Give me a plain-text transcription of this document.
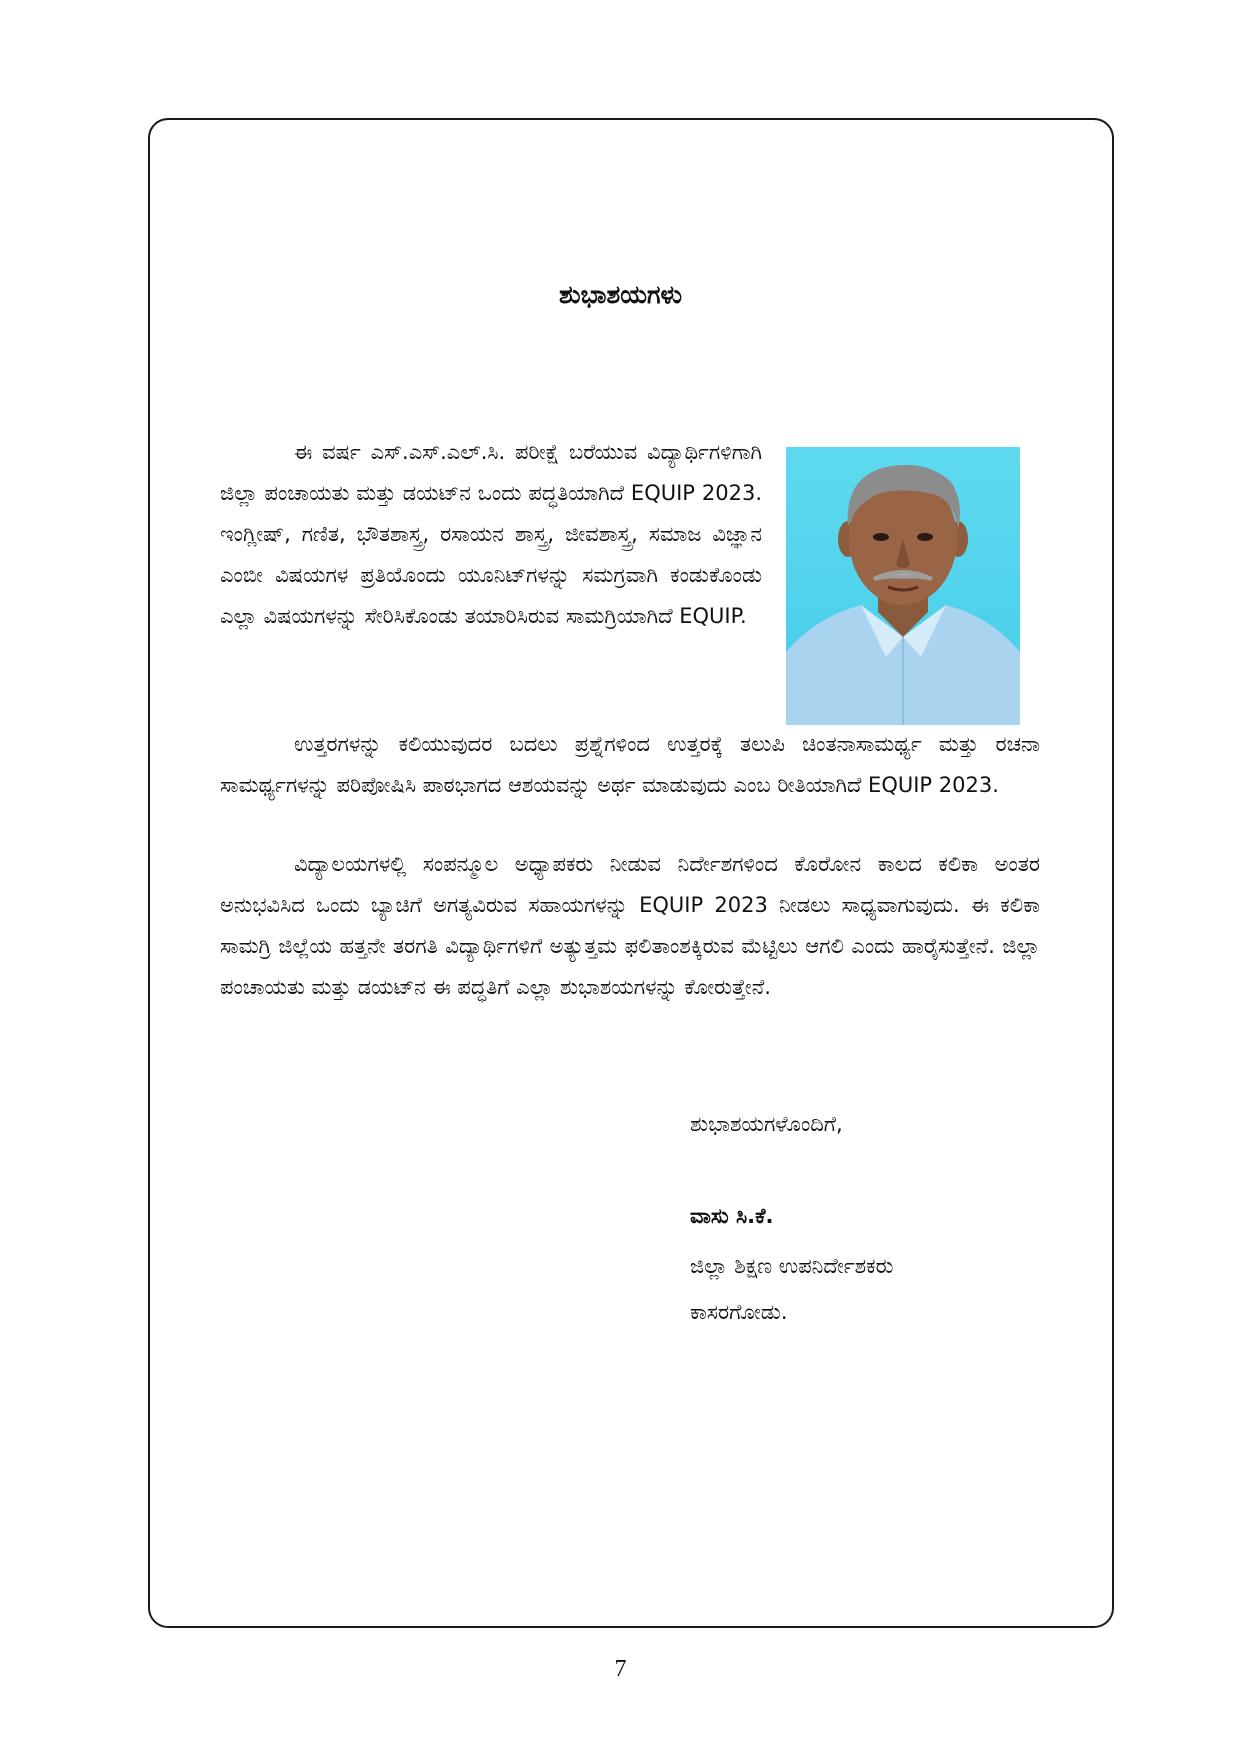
ಶುಭಾಶಯಗಳು
ಈ ವರ್ಷ ಎಸ್.ಎಸ್.ಎಲ್.ಸಿ. ಪರೀಕ್ಷೆ ಬರೆಯುವ ವಿದ್ಯಾರ್ಥಿಗಳಿಗಾಗಿ ಜಿಲ್ಲಾ ಪಂಚಾಯತು ಮತ್ತು ಡಯಟ್‌ನ ಒಂದು ಪದ್ಧತಿಯಾಗಿದೆ EQUIP 2023. ಇಂಗ್ಲೀಷ್, ಗಣಿತ, ಭೌತಶಾಸ್ತ್ರ, ರಸಾಯನ ಶಾಸ್ತ್ರ, ಜೀವಶಾಸ್ತ್ರ, ಸಮಾಜ ವಿಜ್ಞಾನ ಎಂಬೀ ವಿಷಯಗಳ ಪ್ರತಿಯೊಂದು ಯೂನಿಟ್‌ಗಳನ್ನು ಸಮಗ್ರವಾಗಿ ಕಂಡುಕೊಂಡು ಎಲ್ಲಾ ವಿಷಯಗಳನ್ನು ಸೇರಿಸಿಕೊಂಡು ತಯಾರಿಸಿರುವ ಸಾಮಗ್ರಿಯಾಗಿದೆ EQUIP.
ಉತ್ತರಗಳನ್ನು ಕಲಿಯುವುದರ ಬದಲು ಪ್ರಶ್ನೆಗಳಿಂದ ಉತ್ತರಕ್ಕೆ ತಲುಪಿ ಚಿಂತನಾಸಾಮರ್ಥ್ಯ ಮತ್ತು ರಚನಾ ಸಾಮರ್ಥ್ಯಗಳನ್ನು ಪರಿಪೋಷಿಸಿ ಪಾಠಭಾಗದ ಆಶಯವನ್ನು ಅರ್ಥ ಮಾಡುವುದು ಎಂಬ ರೀತಿಯಾಗಿದೆ EQUIP 2023.
ವಿದ್ಯಾಲಯಗಳಲ್ಲಿ ಸಂಪನ್ಮೂಲ ಅಧ್ಯಾಪಕರು ನೀಡುವ ನಿರ್ದೇಶಗಳಿಂದ ಕೊರೋನ ಕಾಲದ ಕಲಿಕಾ ಅಂತರ ಅನುಭವಿಸಿದ ಒಂದು ಬ್ಯಾಚಿಗೆ ಅಗತ್ಯವಿರುವ ಸಹಾಯಗಳನ್ನು EQUIP 2023 ನೀಡಲು ಸಾಧ್ಯವಾಗುವುದು. ಈ ಕಲಿಕಾ ಸಾಮಗ್ರಿ ಜಿಲ್ಲೆಯ ಹತ್ತನೇ ತರಗತಿ ವಿದ್ಯಾರ್ಥಿಗಳಿಗೆ ಅತ್ಯುತ್ತಮ ಫಲಿತಾಂಶಕ್ಕಿರುವ ಮೆಟ್ಟಿಲು ಆಗಲಿ ಎಂದು ಹಾರೈಸುತ್ತೇನೆ. ಜಿಲ್ಲಾ ಪಂಚಾಯತು ಮತ್ತು ಡಯಟ್‌ನ ಈ ಪದ್ಧತಿಗೆ ಎಲ್ಲಾ ಶುಭಾಶಯಗಳನ್ನು ಕೋರುತ್ತೇನೆ.
ಶುಭಾಶಯಗಳೊಂದಿಗೆ,
ವಾಸು ಸಿ.ಕೆ.
ಜಿಲ್ಲಾ ಶಿಕ್ಷಣ ಉಪನಿರ್ದೇಶಕರು
ಕಾಸರಗೋಡು.
7
